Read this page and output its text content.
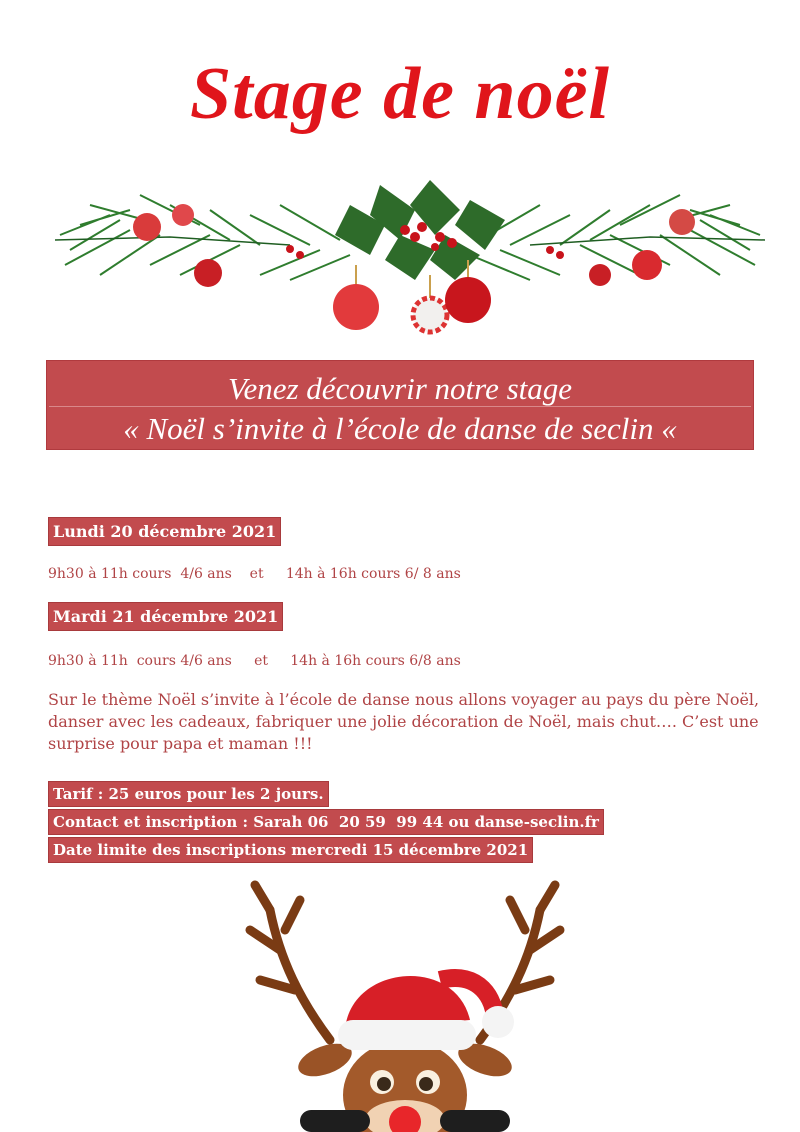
Stage de noël
Venez découvrir notre stage
« Noël s’invite à l’école de danse de seclin «
Lundi 20 décembre 2021
9h30 à 11h cours  4/6 ans    et     14h à 16h cours 6/ 8 ans
Mardi 21 décembre 2021
9h30 à 11h  cours 4/6 ans     et     14h à 16h cours 6/8 ans
Sur le thème Noël s’invite à l’école de danse nous allons voyager au pays du père Noël, danser avec les cadeaux, fabriquer une jolie décoration de Noël, mais chut…. C’est une surprise pour papa et maman !!!
Tarif : 25 euros pour les 2 jours.
Contact et inscription : Sarah 06  20 59  99 44 ou danse-seclin.fr
Date limite des inscriptions mercredi 15 décembre 2021
